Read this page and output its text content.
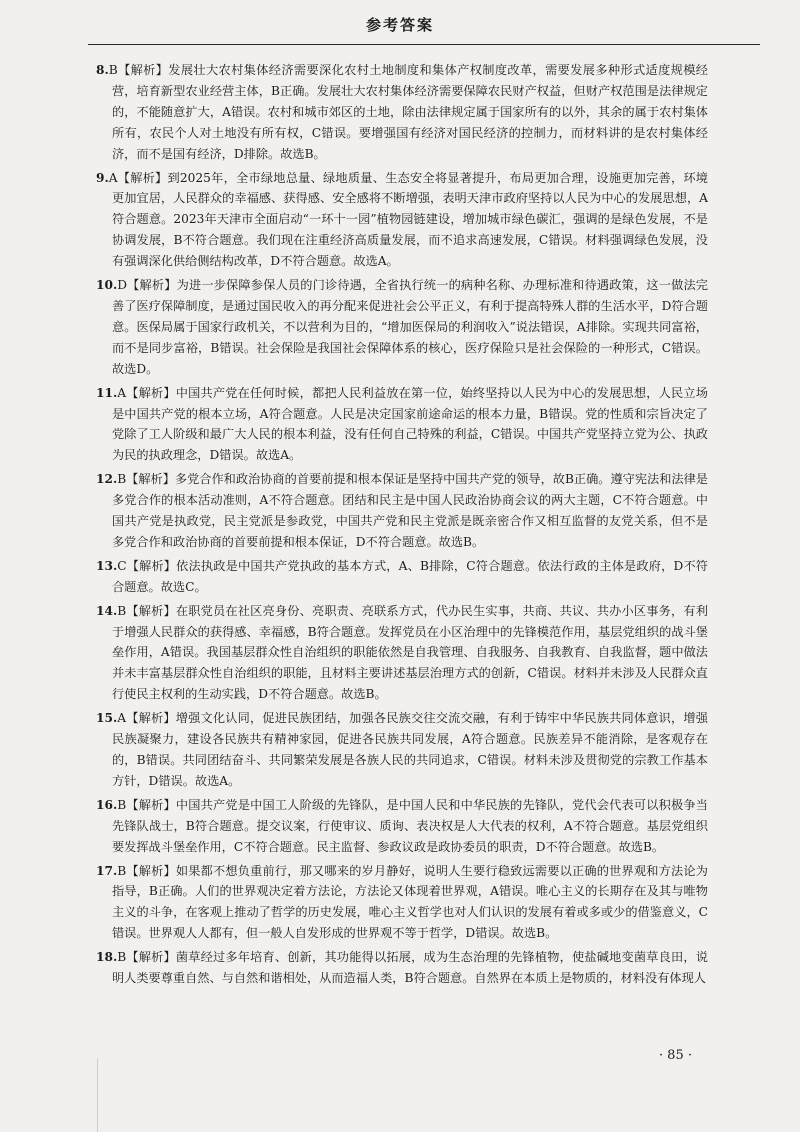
参考答案

8.B【解析】发展壮大农村集体经济需要深化农村土地制度和集体产权制度改革，需要发展多种形式适度规模经营，培育新型农业经营主体，B正确。发展壮大农村集体经济需要保障农民财产权益，但财产权范围是法律规定的，不能随意扩大，A错误。农村和城市郊区的土地，除由法律规定属于国家所有的以外，其余的属于农村集体所有，农民个人对土地没有所有权，C错误。要增强国有经济对国民经济的控制力，而材料讲的是农村集体经济，而不是国有经济，D排除。故选B。

9.A【解析】到2025年，全市绿地总量、绿地质量、生态安全将显著提升，布局更加合理，设施更加完善，环境更加宜居，人民群众的幸福感、获得感、安全感将不断增强，表明天津市政府坚持以人民为中心的发展思想，A符合题意。2023年天津市全面启动“一环十一园”植物园链建设，增加城市绿色碳汇，强调的是绿色发展，不是协调发展，B不符合题意。我们现在注重经济高质量发展，而不追求高速发展，C错误。材料强调绿色发展，没有强调深化供给侧结构改革，D不符合题意。故选A。

10.D【解析】为进一步保障参保人员的门诊待遇，全省执行统一的病种名称、办理标准和待遇政策，这一做法完善了医疗保障制度，是通过国民收入的再分配来促进社会公平正义，有利于提高特殊人群的生活水平，D符合题意。医保局属于国家行政机关，不以营利为目的，“增加医保局的利润收入”说法错误，A排除。实现共同富裕，而不是同步富裕，B错误。社会保险是我国社会保障体系的核心，医疗保险只是社会保险的一种形式，C错误。故选D。

11.A【解析】中国共产党在任何时候，都把人民利益放在第一位，始终坚持以人民为中心的发展思想，人民立场是中国共产党的根本立场，A符合题意。人民是决定国家前途命运的根本力量，B错误。党的性质和宗旨决定了党除了工人阶级和最广大人民的根本利益，没有任何自己特殊的利益，C错误。中国共产党坚持立党为公、执政为民的执政理念，D错误。故选A。

12.B【解析】多党合作和政治协商的首要前提和根本保证是坚持中国共产党的领导，故B正确。遵守宪法和法律是多党合作的根本活动准则，A不符合题意。团结和民主是中国人民政治协商会议的两大主题，C不符合题意。中国共产党是执政党，民主党派是参政党，中国共产党和民主党派是既亲密合作又相互监督的友党关系，但不是多党合作和政治协商的首要前提和根本保证，D不符合题意。故选B。

13.C【解析】依法执政是中国共产党执政的基本方式，A、B排除，C符合题意。依法行政的主体是政府，D不符合题意。故选C。

14.B【解析】在职党员在社区亮身份、亮职责、亮联系方式，代办民生实事，共商、共议、共办小区事务，有利于增强人民群众的获得感、幸福感，B符合题意。发挥党员在小区治理中的先锋模范作用，基层党组织的战斗堡垒作用，A错误。我国基层群众性自治组织的职能依然是自我管理、自我服务、自我教育、自我监督，题中做法并未丰富基层群众性自治组织的职能，且材料主要讲述基层治理方式的创新，C错误。材料并未涉及人民群众直行使民主权利的生动实践，D不符合题意。故选B。

15.A【解析】增强文化认同，促进民族团结，加强各民族交往交流交融，有利于铸牢中华民族共同体意识，增强民族凝聚力，建设各民族共有精神家园，促进各民族共同发展，A符合题意。民族差异不能消除，是客观存在的，B错误。共同团结奋斗、共同繁荣发展是各族人民的共同追求，C错误。材料未涉及贯彻党的宗教工作基本方针，D错误。故选A。

16.B【解析】中国共产党是中国工人阶级的先锋队，是中国人民和中华民族的先锋队，党代会代表可以积极争当先锋队战士，B符合题意。提交议案，行使审议、质询、表决权是人大代表的权利，A不符合题意。基层党组织要发挥战斗堡垒作用，C不符合题意。民主监督、参政议政是政协委员的职责，D不符合题意。故选B。

17.B【解析】如果都不想负重前行，那又哪来的岁月静好，说明人生要行稳致远需要以正确的世界观和方法论为指导，B正确。人们的世界观决定着方法论，方法论又体现着世界观，A错误。唯心主义的长期存在及其与唯物主义的斗争，在客观上推动了哲学的历史发展，唯心主义哲学也对人们认识的发展有着或多或少的借鉴意义，C错误。世界观人人都有，但一般人自发形成的世界观不等于哲学，D错误。故选B。

18.B【解析】菌草经过多年培育、创新，其功能得以拓展，成为生态治理的先锋植物，使盐碱地变菌草良田，说明人类要尊重自然、与自然和谐相处，从而造福人类，B符合题意。自然界在本质上是物质的，材料没有体现人

· 85 ·
